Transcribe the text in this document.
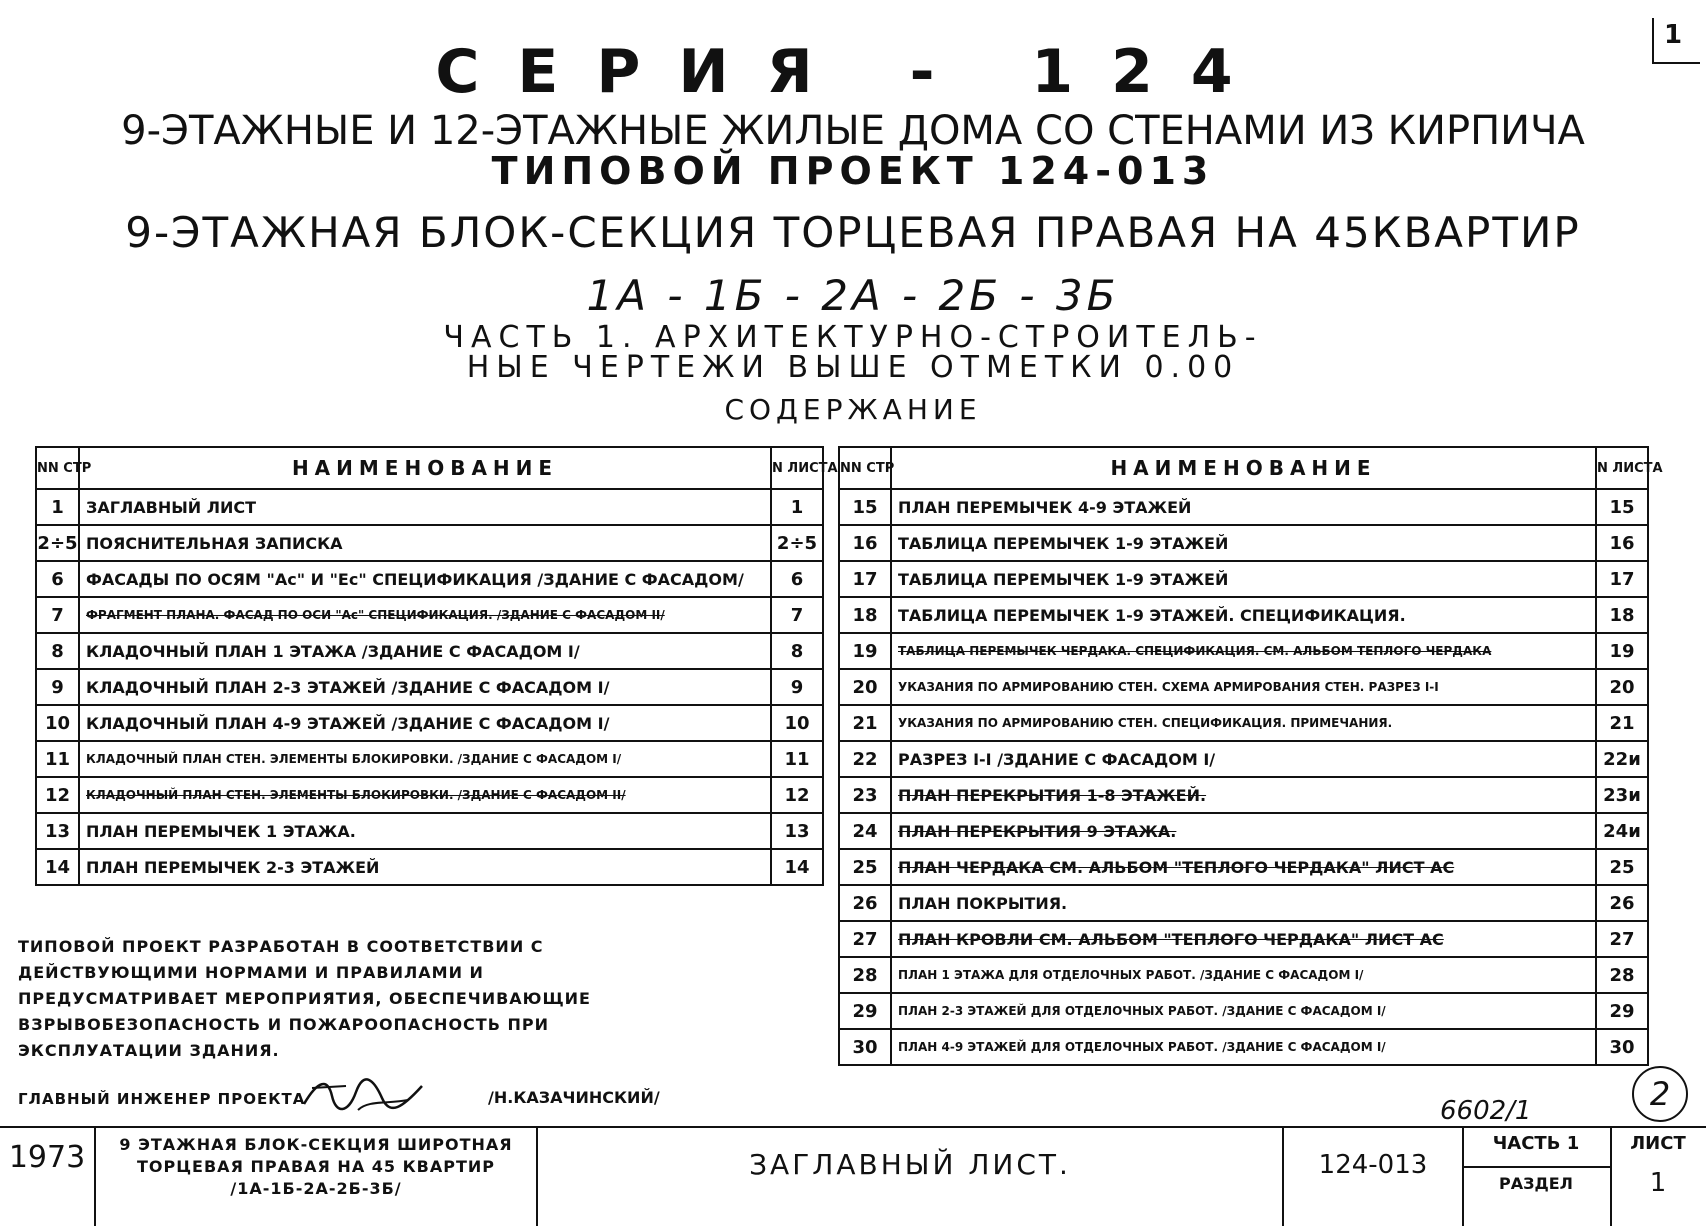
1
СЕРИЯ - 124
9-ЭТАЖНЫЕ И 12-ЭТАЖНЫЕ ЖИЛЫЕ ДОМА СО СТЕНАМИ ИЗ КИРПИЧА
ТИПОВОЙ ПРОЕКТ 124-013
9-ЭТАЖНАЯ БЛОК-СЕКЦИЯ ТОРЦЕВАЯ ПРАВАЯ НА 45КВАРТИР
1А - 1Б - 2А - 2Б - 3Б
ЧАСТЬ 1. АРХИТЕКТУРНО-СТРОИТЕЛЬ-
НЫЕ ЧЕРТЕЖИ ВЫШЕ ОТМЕТКИ 0.00
СОДЕРЖАНИЕ
NN СТР	НАИМЕНОВАНИЕ	N ЛИСТА
1	ЗАГЛАВНЫЙ ЛИСТ	1
2÷5	ПОЯСНИТЕЛЬНАЯ ЗАПИСКА	2÷5
6	ФАСАДЫ ПО ОСЯМ "Ас" И "Ес" СПЕЦИФИКАЦИЯ /ЗДАНИЕ С ФАСАДОМ/	6
7	ФРАГМЕНТ ПЛАНА. ФАСАД ПО ОСИ "Ас" СПЕЦИФИКАЦИЯ. /ЗДАНИЕ С ФАСАДОМ II/	7
8	КЛАДОЧНЫЙ ПЛАН 1 ЭТАЖА /ЗДАНИЕ С ФАСАДОМ I/	8
9	КЛАДОЧНЫЙ ПЛАН 2-3 ЭТАЖЕЙ /ЗДАНИЕ С ФАСАДОМ I/	9
10	КЛАДОЧНЫЙ ПЛАН 4-9 ЭТАЖЕЙ /ЗДАНИЕ С ФАСАДОМ I/	10
11	КЛАДОЧНЫЙ ПЛАН СТЕН. ЭЛЕМЕНТЫ БЛОКИРОВКИ. /ЗДАНИЕ С ФАСАДОМ I/	11
12	КЛАДОЧНЫЙ ПЛАН СТЕН. ЭЛЕМЕНТЫ БЛОКИРОВКИ. /ЗДАНИЕ С ФАСАДОМ II/	12
13	ПЛАН ПЕРЕМЫЧЕК 1 ЭТАЖА.	13
14	ПЛАН ПЕРЕМЫЧЕК 2-3 ЭТАЖЕЙ	14
NN СТР	НАИМЕНОВАНИЕ	N ЛИСТА
15	ПЛАН ПЕРЕМЫЧЕК 4-9 ЭТАЖЕЙ	15
16	ТАБЛИЦА ПЕРЕМЫЧЕК 1-9 ЭТАЖЕЙ	16
17	ТАБЛИЦА ПЕРЕМЫЧЕК 1-9 ЭТАЖЕЙ	17
18	ТАБЛИЦА ПЕРЕМЫЧЕК 1-9 ЭТАЖЕЙ. СПЕЦИФИКАЦИЯ.	18
19	ТАБЛИЦА ПЕРЕМЫЧЕК ЧЕРДАКА. СПЕЦИФИКАЦИЯ. СМ. АЛЬБОМ ТЕПЛОГО ЧЕРДАКА	19
20	УКАЗАНИЯ ПО АРМИРОВАНИЮ СТЕН. СХЕМА АРМИРОВАНИЯ СТЕН. РАЗРЕЗ I-I	20
21	УКАЗАНИЯ ПО АРМИРОВАНИЮ СТЕН. СПЕЦИФИКАЦИЯ. ПРИМЕЧАНИЯ.	21
22	РАЗРЕЗ I-I /ЗДАНИЕ С ФАСАДОМ I/	22и
23	ПЛАН ПЕРЕКРЫТИЯ 1-8 ЭТАЖЕЙ.	23и
24	ПЛАН ПЕРЕКРЫТИЯ 9 ЭТАЖА.	24и
25	ПЛАН ЧЕРДАКА СМ. АЛЬБОМ "ТЕПЛОГО ЧЕРДАКА" ЛИСТ АС	25
26	ПЛАН ПОКРЫТИЯ.	26
27	ПЛАН КРОВЛИ СМ. АЛЬБОМ "ТЕПЛОГО ЧЕРДАКА" ЛИСТ АС	27
28	ПЛАН 1 ЭТАЖА ДЛЯ ОТДЕЛОЧНЫХ РАБОТ. /ЗДАНИЕ С ФАСАДОМ I/	28
29	ПЛАН 2-3 ЭТАЖЕЙ ДЛЯ ОТДЕЛОЧНЫХ РАБОТ. /ЗДАНИЕ С ФАСАДОМ I/	29
30	ПЛАН 4-9 ЭТАЖЕЙ ДЛЯ ОТДЕЛОЧНЫХ РАБОТ. /ЗДАНИЕ С ФАСАДОМ I/	30
ТИПОВОЙ ПРОЕКТ РАЗРАБОТАН В СООТВЕТСТВИИ С ДЕЙСТВУЮЩИМИ НОРМАМИ И ПРАВИЛАМИ И ПРЕДУСМАТРИВАЕТ МЕРОПРИЯТИЯ, ОБЕСПЕЧИВАЮЩИЕ ВЗРЫВОБЕЗОПАСНОСТЬ И ПОЖАРООПАСНОСТЬ ПРИ ЭКСПЛУАТАЦИИ ЗДАНИЯ.
ГЛАВНЫЙ ИНЖЕНЕР ПРОЕКТА	/Н.КАЗАЧИНСКИЙ/	6602/1	2
1973	9 ЭТАЖНАЯ БЛОК-СЕКЦИЯ ШИРОТНАЯ ТОРЦЕВАЯ ПРАВАЯ НА 45 КВАРТИР /1А-1Б-2А-2Б-3Б/
ЗАГЛАВНЫЙ ЛИСТ.	124-013
ЧАСТЬ 1
РАЗДЕЛ
ЛИСТ
1
